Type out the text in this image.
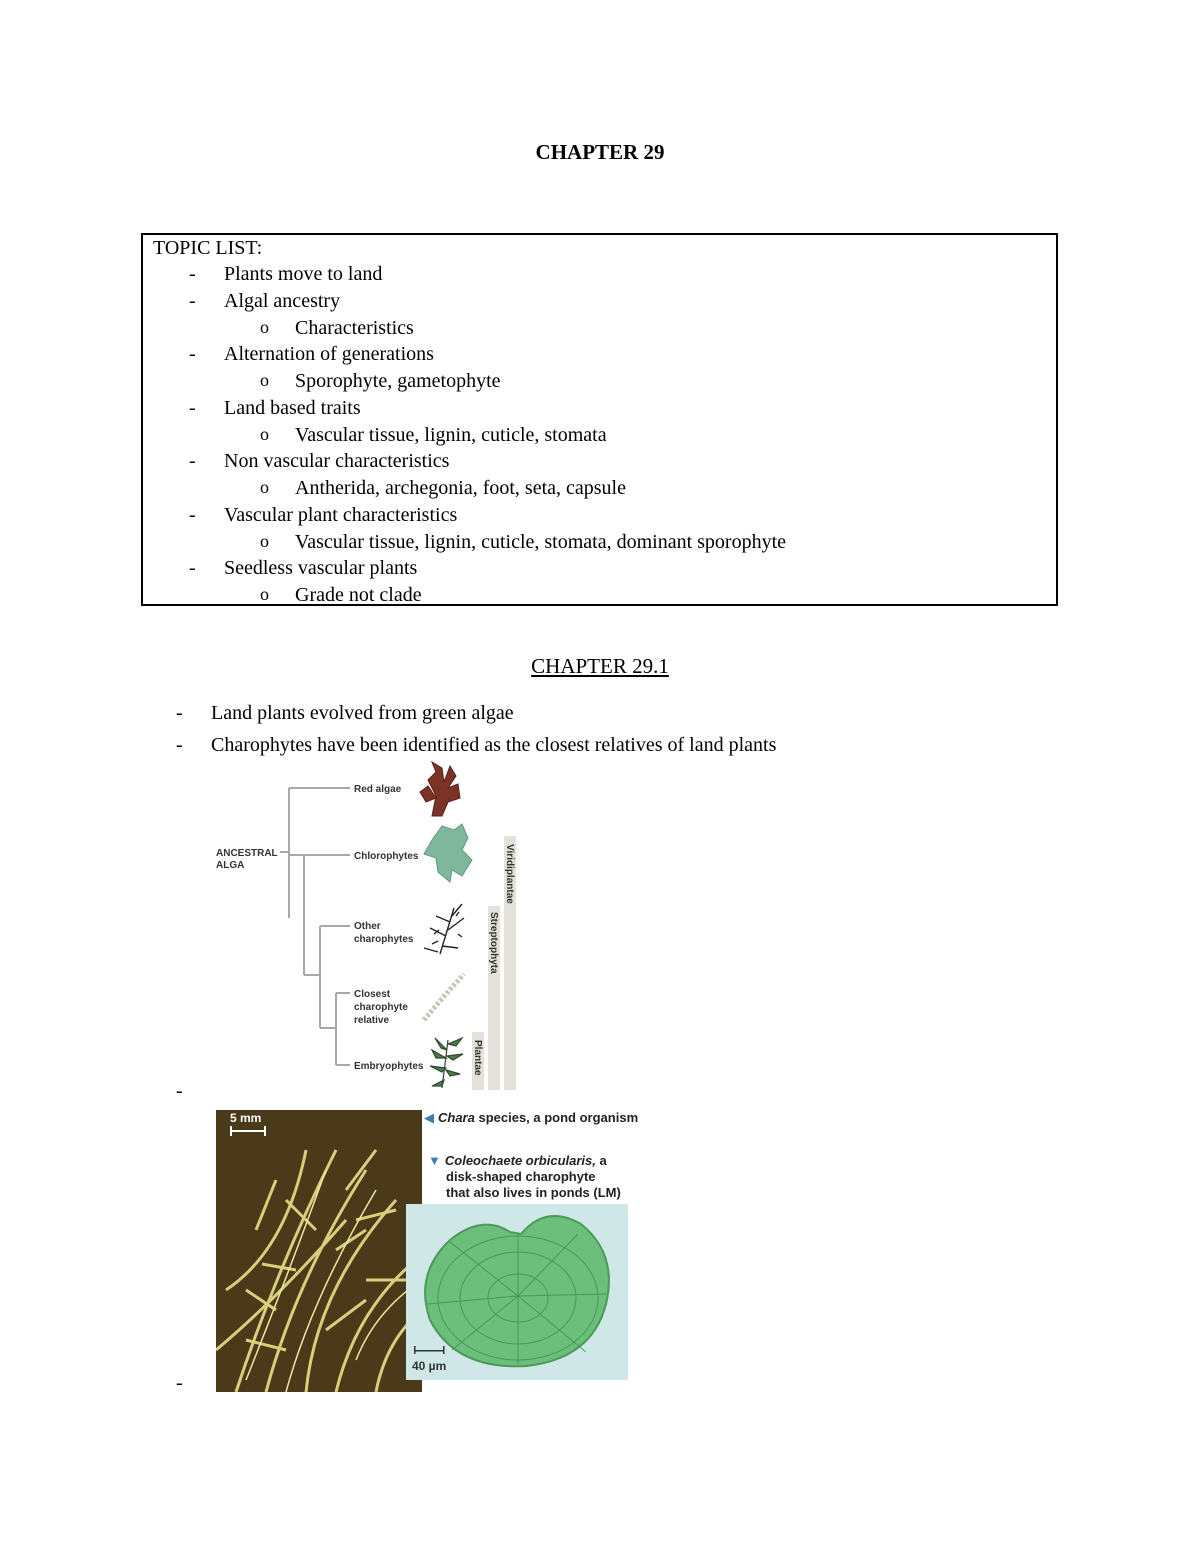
CHAPTER 29
TOPIC LIST:
- Plants move to land
- Algal ancestry
o Characteristics
- Alternation of generations
o Sporophyte, gametophyte
- Land based traits
o Vascular tissue, lignin, cuticle, stomata
- Non vascular characteristics
o Antherida, archegonia, foot, seta, capsule
- Vascular plant characteristics
o Vascular tissue, lignin, cuticle, stomata, dominant sporophyte
- Seedless vascular plants
o Grade not clade
CHAPTER 29.1
- Land plants evolved from green algae
- Charophytes have been identified as the closest relatives of land plants
ANCESTRAL
ALGA
Red algae
Chlorophytes
Other
charophytes
Closest
charophyte
relative
Embryophytes
Viridiplantae
Streptophyta
Plantae
-
5 mm	◀ Chara species, a pond organism
▼ Coleochaete orbicularis, a
disk-shaped charophyte
that also lives in ponds (LM)
40 µm
-
